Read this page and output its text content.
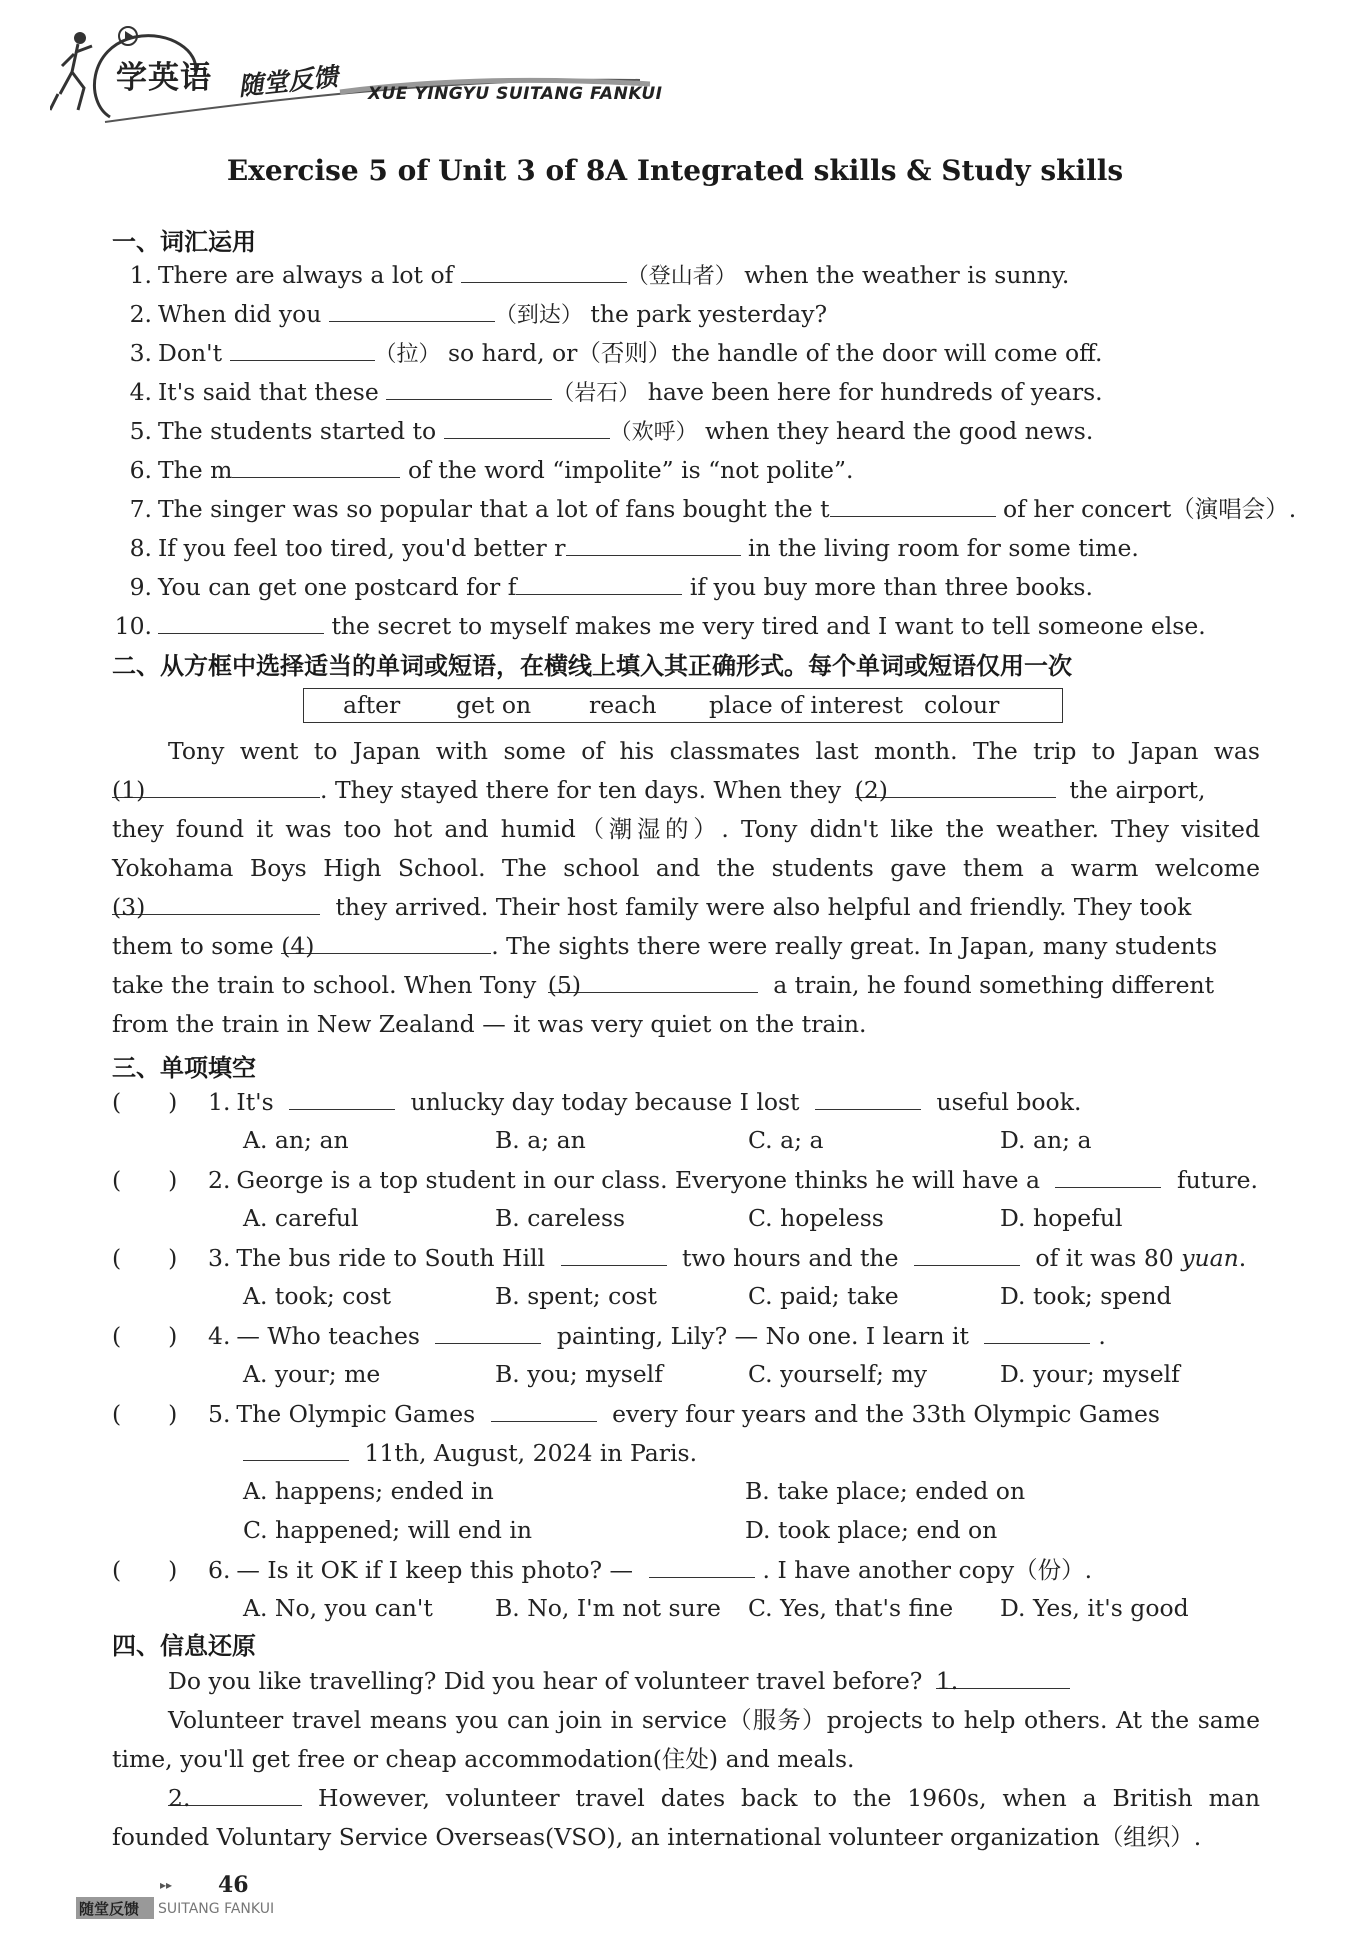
学英语 随堂反馈 XUE YINGYU SUITANG FANKUI
Exercise 5 of Unit 3 of 8A Integrated skills & Study skills
一、词汇运用
1. There are always a lot of	（登山者） when the weather is sunny.
2. When did you	（到达） the park yesterday?
3. Don't	（拉） so hard, or（否则）the handle of the door will come off.
4. It's said that these	（岩石） have been here for hundreds of years.
5. The students started to	（欢呼） when they heard the good news.
6. The m	of the word “impolite” is “not polite”.
7. The singer was so popular that a lot of fans bought the t	of her concert（演唱会）.
8. If you feel too tired, you'd better r	in the living room for some time.
9. You can get one postcard for f	if you buy more than three books.
10.	the secret to myself makes me very tired and I want to tell someone else.
二、从方框中选择适当的单词或短语，在横线上填入其正确形式。每个单词或短语仅用一次
after get on reach place of interest colour
Tony went to Japan with some of his classmates last month. The trip to Japan was
(1)	. They stayed there for ten days. When they (2)	the airport,
they found it was too hot and humid（潮湿的）. Tony didn't like the weather. They visited
Yokohama Boys High School. The school and the students gave them a warm welcome
(3)	they arrived. Their host family were also helpful and friendly. They took
them to some (4)	. The sights there were really great. In Japan, many students
take the train to school. When Tony (5)	a train, he found something different
from the train in New Zealand — it was very quiet on the train.
三、单项填空
(　　) 1. It's	unlucky day today because I lost	useful book.
A. an; an	B. a; an	C. a; a	D. an; a
(　　) 2. George is a top student in our class. Everyone thinks he will have a	future.
A. careful	B. careless	C. hopeless	D. hopeful
(　　) 3. The bus ride to South Hill	two hours and the	of it was 80 yuan.
A. took; cost	B. spent; cost	C. paid; take	D. took; spend
(　　) 4. — Who teaches	painting, Lily? — No one. I learn it	.
A. your; me	B. you; myself	C. yourself; my	D. your; myself
(　　) 5. The Olympic Games	every four years and the 33th Olympic Games
11th, August, 2024 in Paris.
A. happens; ended in	B. take place; ended on
C. happened; will end in	D. took place; end on
(　　) 6. — Is it OK if I keep this photo? —	. I have another copy（份）.
A. No, you can't	B. No, I'm not sure C. Yes, that's fine D. Yes, it's good
四、信息还原
Do you like travelling? Did you hear of volunteer travel before? 1.
Volunteer travel means you can join in service（服务）projects to help others. At the same
time, you'll get free or cheap accommodation(住处) and meals.
2.	However, volunteer travel dates back to the 1960s, when a British man
founded Voluntary Service Overseas(VSO), an international volunteer organization（组织）.
▸▸ 46
随堂反馈 SUITANG FANKUI
